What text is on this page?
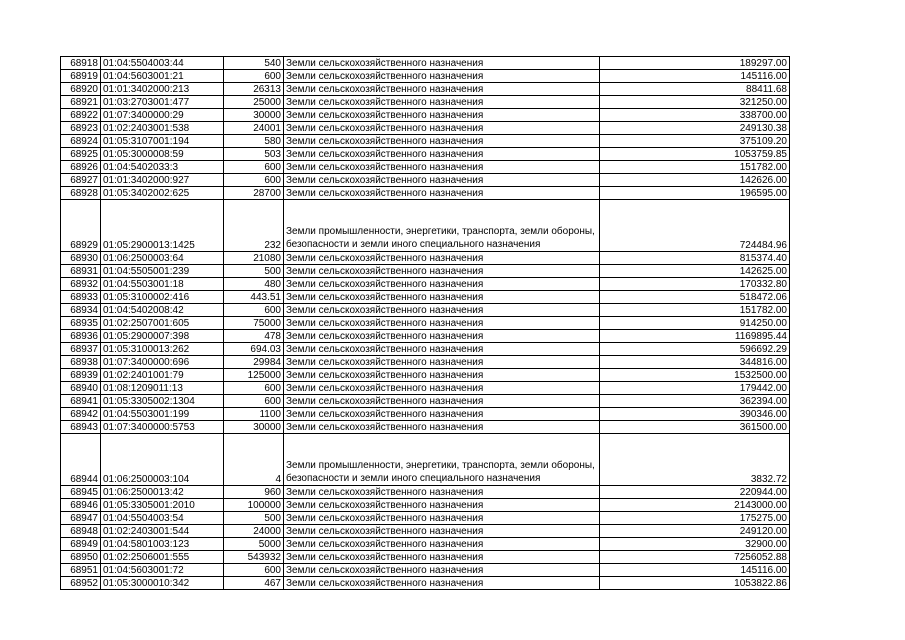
68918	01:04:5504003:44	540	Земли сельскохозяйственного назначения	189297.00
68919	01:04:5603001:21	600	Земли сельскохозяйственного назначения	145116.00
68920	01:01:3402000:213	26313	Земли сельскохозяйственного назначения	88411.68
68921	01:03:2703001:477	25000	Земли сельскохозяйственного назначения	321250.00
68922	01:07:3400000:29	30000	Земли сельскохозяйственного назначения	338700.00
68923	01:02:2403001:538	24001	Земли сельскохозяйственного назначения	249130.38
68924	01:05:3107001:194	580	Земли сельскохозяйственного назначения	375109.20
68925	01:05:3000008:59	503	Земли сельскохозяйственного назначения	1053759.85
68926	01:04:5402033:3	600	Земли сельскохозяйственного назначения	151782.00
68927	01:01:3402000:927	600	Земли сельскохозяйственного назначения	142626.00
68928	01:05:3402002:625	28700	Земли сельскохозяйственного назначения	196595.00
68929	01:05:2900013:1425	232	Земли промышленности, энергетики, транспорта, земли обороны, безопасности и земли иного специального назначения	724484.96
68930	01:06:2500003:64	21080	Земли сельскохозяйственного назначения	815374.40
68931	01:04:5505001:239	500	Земли сельскохозяйственного назначения	142625.00
68932	01:04:5503001:18	480	Земли сельскохозяйственного назначения	170332.80
68933	01:05:3100002:416	443.51	Земли сельскохозяйственного назначения	518472.06
68934	01:04:5402008:42	600	Земли сельскохозяйственного назначения	151782.00
68935	01:02:2507001:605	75000	Земли сельскохозяйственного назначения	914250.00
68936	01:05:2900007:398	478	Земли сельскохозяйственного назначения	1169895.44
68937	01:05:3100013:262	694.03	Земли сельскохозяйственного назначения	596692.29
68938	01:07:3400000:696	29984	Земли сельскохозяйственного назначения	344816.00
68939	01:02:2401001:79	125000	Земли сельскохозяйственного назначения	1532500.00
68940	01:08:1209011:13	600	Земли сельскохозяйственного назначения	179442.00
68941	01:05:3305002:1304	600	Земли сельскохозяйственного назначения	362394.00
68942	01:04:5503001:199	1100	Земли сельскохозяйственного назначения	390346.00
68943	01:07:3400000:5753	30000	Земли сельскохозяйственного назначения	361500.00
68944	01:06:2500003:104	4	Земли промышленности, энергетики, транспорта, земли обороны, безопасности и земли иного специального назначения	3832.72
68945	01:06:2500013:42	960	Земли сельскохозяйственного назначения	220944.00
68946	01:05:3305001:2010	100000	Земли сельскохозяйственного назначения	2143000.00
68947	01:04:5504003:54	500	Земли сельскохозяйственного назначения	175275.00
68948	01:02:2403001:544	24000	Земли сельскохозяйственного назначения	249120.00
68949	01:04:5801003:123	5000	Земли сельскохозяйственного назначения	32900.00
68950	01:02:2506001:555	543932	Земли сельскохозяйственного назначения	7256052.88
68951	01:04:5603001:72	600	Земли сельскохозяйственного назначения	145116.00
68952	01:05:3000010:342	467	Земли сельскохозяйственного назначения	1053822.86
